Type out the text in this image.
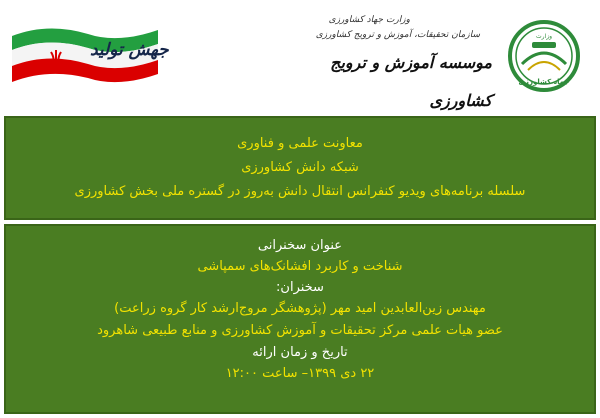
وزارت
جهاد کشاورزی
وزارت جهاد کشاورزی
سازمان تحقیقات، آموزش و ترویج کشاورزی
موسسه آموزش و ترویج کشاورزی
جهش تولید
معاونت علمی و فناوری
شبکه دانش کشاورزی
سلسله برنامه‌های ویدیو کنفرانس انتقال دانش به‌روز در گستره ملی بخش کشاورزی
عنوان سخنرانی
شناخت و کاربرد افشانک‌های سمپاشی
سخنران:
مهندس زین‌العابدین امید مهر (پژوهشگر مروج‌ارشد کار گروه زراعت)
عضو هیات علمی مرکز تحقیقات و آموزش کشاورزی و منابع طبیعی شاهرود
تاریخ و زمان ارائه
۲۲ دی ۱۳۹۹– ساعت ۱۲:۰۰
